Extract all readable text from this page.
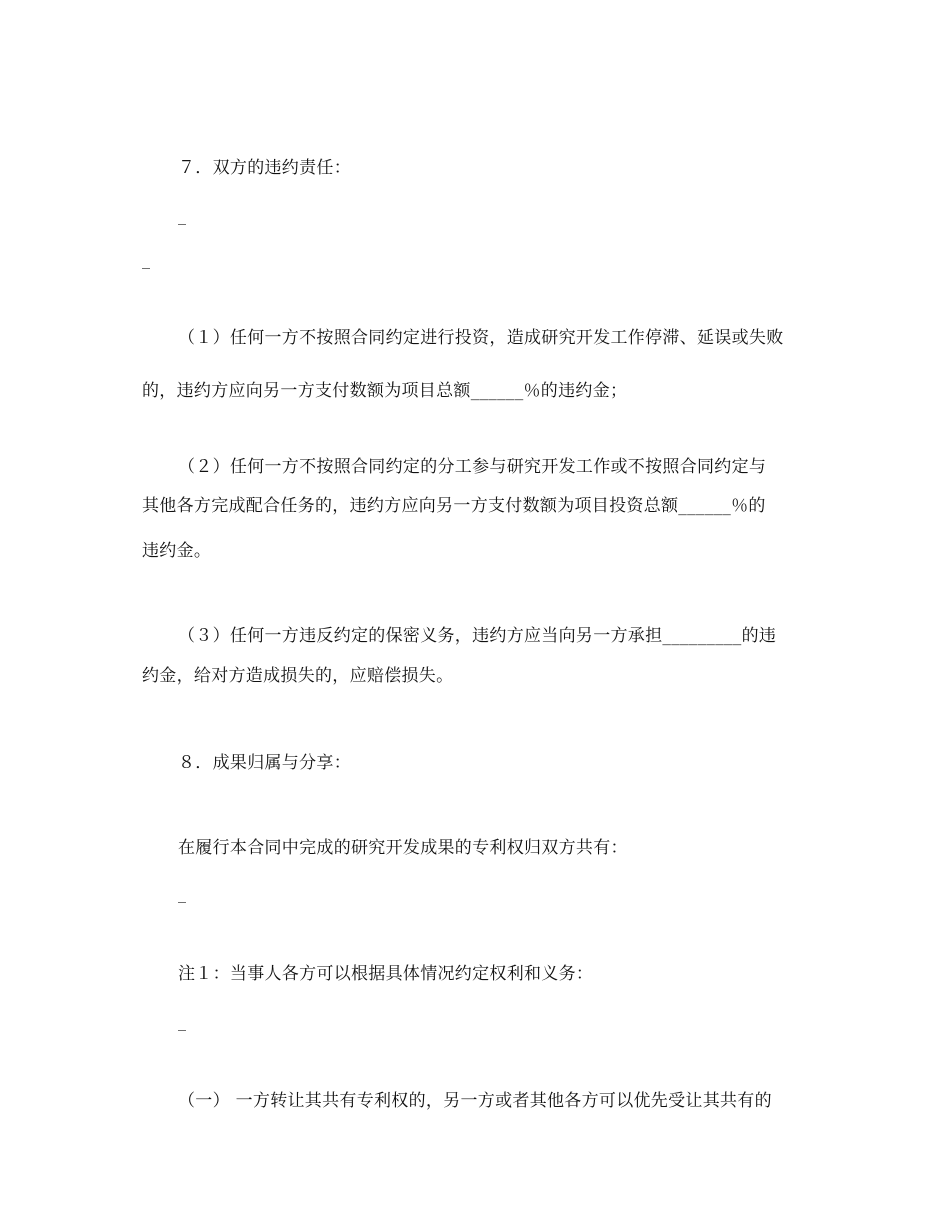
７．双方的违约责任：
_
_
（１）任何一方不按照合同约定进行投资，造成研究开发工作停滞、延误或失败
的，违约方应向另一方支付数额为项目总额______％的违约金；
（２）任何一方不按照合同约定的分工参与研究开发工作或不按照合同约定与
其他各方完成配合任务的，违约方应向另一方支付数额为项目投资总额______％的
违约金。
（３）任何一方违反约定的保密义务，违约方应当向另一方承担_________的违
约金，给对方造成损失的，应赔偿损失。
８．成果归属与分享：
在履行本合同中完成的研究开发成果的专利权归双方共有：
_
注１：当事人各方可以根据具体情况约定权利和义务：
_
（一） 一方转让其共有专利权的，另一方或者其他各方可以优先受让其共有的
